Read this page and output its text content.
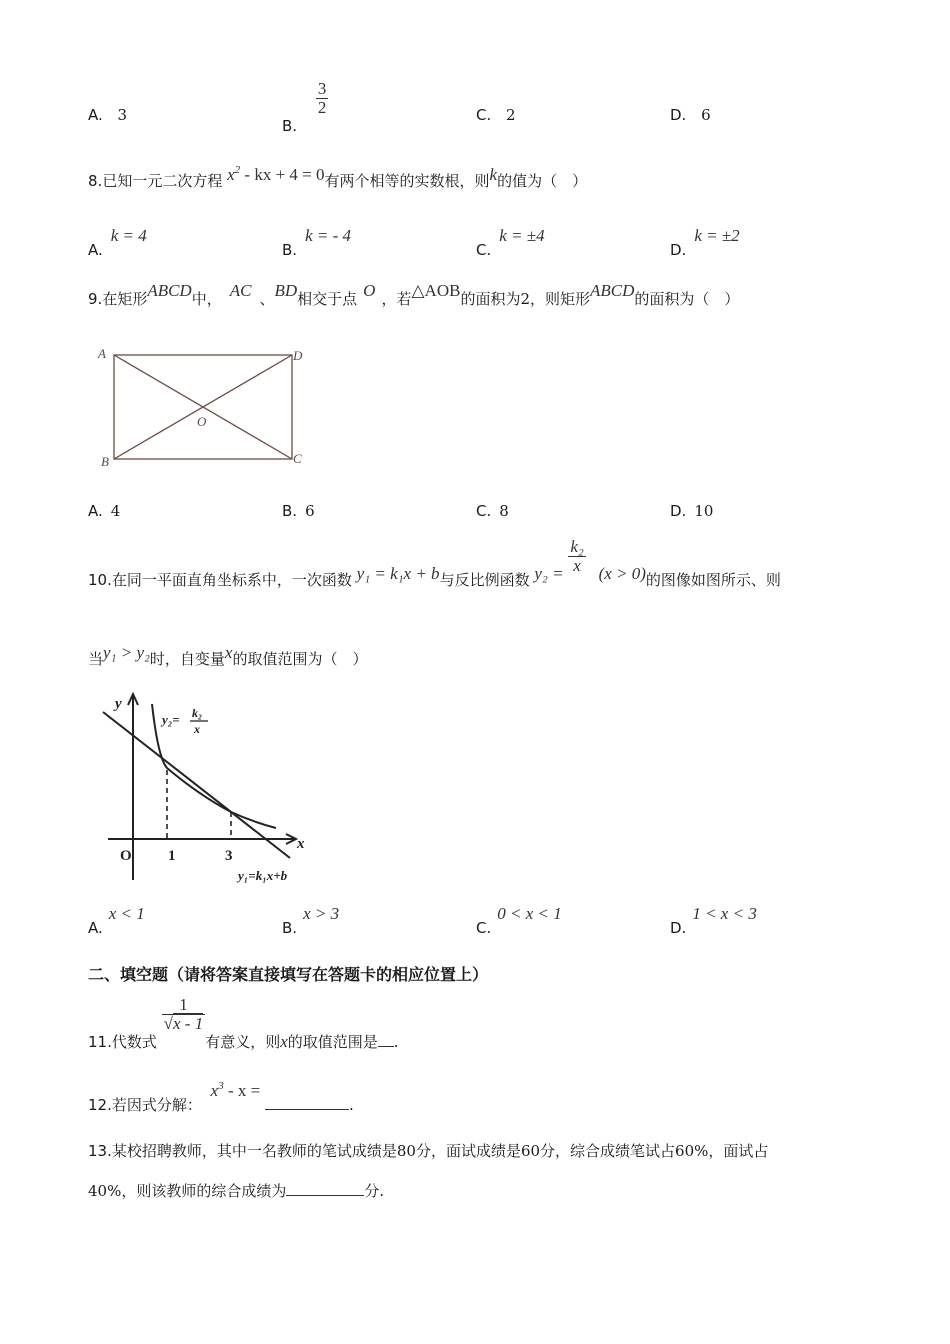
A. 3
B.
$\frac{3}{2}$	C. 2	D. 6
8.已知一元二次方程 $x^2$ - kx + 4 = 0有两个相等的实数根，则k的值为（　）
A.k = 4
B.k = - 4
C.k = ±4
D.k = ±2
9.在矩形ABCD中， AC 、BD相交于点 O ，若△AOB的面积为2，则矩形ABCD的面积为（　）
A	D
B	C
O
A. 4	B. 6	C. 8	D. 10
10.在同一平面直角坐标系中，一次函数 y₁ = k₁x + b与反比例函数 $y_2 = \frac{\text{k₂}}{x} (x > 0)$的图像如图所示、则
当y₁ > y₂时，自变量x的取值范围为（　）
y
x
O 1	3
y₂= k₂
x
y₁=k₁x+b
A.x < 1
B.x > 3
C.0 < x < 1
D.1 < x < 3
二、填空题（请将答案直接填写在答题卡的相应位置上）
11.代数式
$\frac{1}{√x - 1}$
有意义，则x的取值范围是 .
12.若因式分解： $x^3$ - x = .
13.某校招聘教师，其中一名教师的笔试成绩是80分，面试成绩是60分，综合成绩笔试占60%，面试占
40%，则该教师的综合成绩为	分.
